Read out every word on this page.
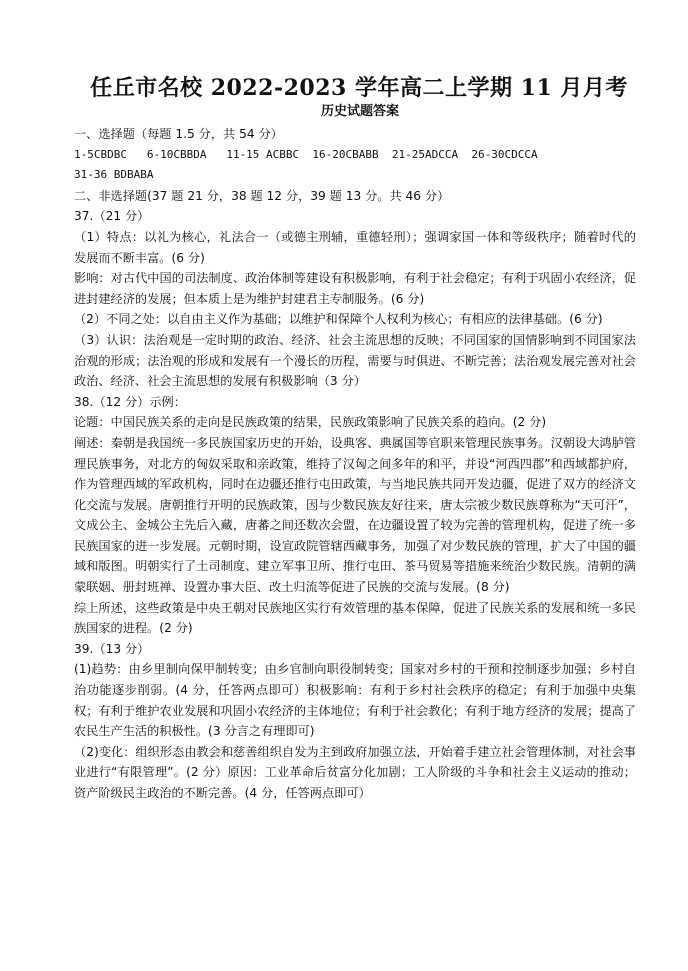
任丘市名校 2022-2023 学年高二上学期 11 月月考
历史试题答案
一、选择题（每题 1.5 分，共 54 分）
1-5CBDBC   6-10CBBDA   11-15 ACBBC  16-20CBABB  21-25ADCCA  26-30CDCCA
31-36 BDBABA
二、非选择题(37 题 21 分，38 题 12 分，39 题 13 分。共 46 分）
37.（21 分）
（1）特点：以礼为核心，礼法合一（或德主刑辅，重德轻刑）；强调家国一体和等级秩序；随着时代的发展而不断丰富。(6 分)
影响：对古代中国的司法制度、政治体制等建设有积极影响，有利于社会稳定；有利于巩固小农经济，促进封建经济的发展；但本质上是为维护封建君主专制服务。(6 分)
（2）不同之处：以自由主义作为基础；以维护和保障个人权利为核心；有相应的法律基础。(6 分)
（3）认识：法治观是一定时期的政治、经济、社会主流思想的反映；不同国家的国情影响到不同国家法治观的形成；法治观的形成和发展有一个漫长的历程，需要与时俱进、不断完善；法治观发展完善对社会政治、经济、社会主流思想的发展有积极影响（3 分）
38.（12 分）示例：
论题：中国民族关系的走向是民族政策的结果，民族政策影响了民族关系的趋向。(2 分)
阐述：秦朝是我国统一多民族国家历史的开始，设典客、典属国等官职来管理民族事务。汉朝设大鸿胪管理民族事务，对北方的匈奴采取和亲政策，维持了汉匈之间多年的和平，并设“河西四郡”和西域都护府，作为管理西域的军政机构，同时在边疆还推行屯田政策，与当地民族共同开发边疆，促进了双方的经济文化交流与发展。唐朝推行开明的民族政策，因与少数民族友好往来，唐太宗被少数民族尊称为“天可汗”，文成公主、金城公主先后入藏，唐蕃之间还数次会盟，在边疆设置了较为完善的管理机构，促进了统一多民族国家的进一步发展。元朝时期，设宣政院管辖西藏事务，加强了对少数民族的管理，扩大了中国的疆域和版图。明朝实行了土司制度、建立军事卫所、推行屯田、茶马贸易等措施来统治少数民族。清朝的满蒙联姻、册封班禅、设置办事大臣、改土归流等促进了民族的交流与发展。(8 分)
综上所述，这些政策是中央王朝对民族地区实行有效管理的基本保障，促进了民族关系的发展和统一多民族国家的进程。(2 分)
39.（13 分）
(1)趋势：由乡里制向保甲制转变；由乡官制向职役制转变；国家对乡村的干预和控制逐步加强；乡村自治功能逐步削弱。(4 分，任答两点即可）积极影响：有利于乡村社会秩序的稳定；有利于加强中央集权；有利于维护农业发展和巩固小农经济的主体地位；有利于社会教化；有利于地方经济的发展；提高了农民生产生活的积极性。(3 分言之有理即可)
（2)变化：组织形态由教会和慈善组织自发为主到政府加强立法，开始着手建立社会管理体制，对社会事业进行“有限管理”。(2 分）原因：工业革命后贫富分化加剧；工人阶级的斗争和社会主义运动的推动；资产阶级民主政治的不断完善。(4 分，任答两点即可）
